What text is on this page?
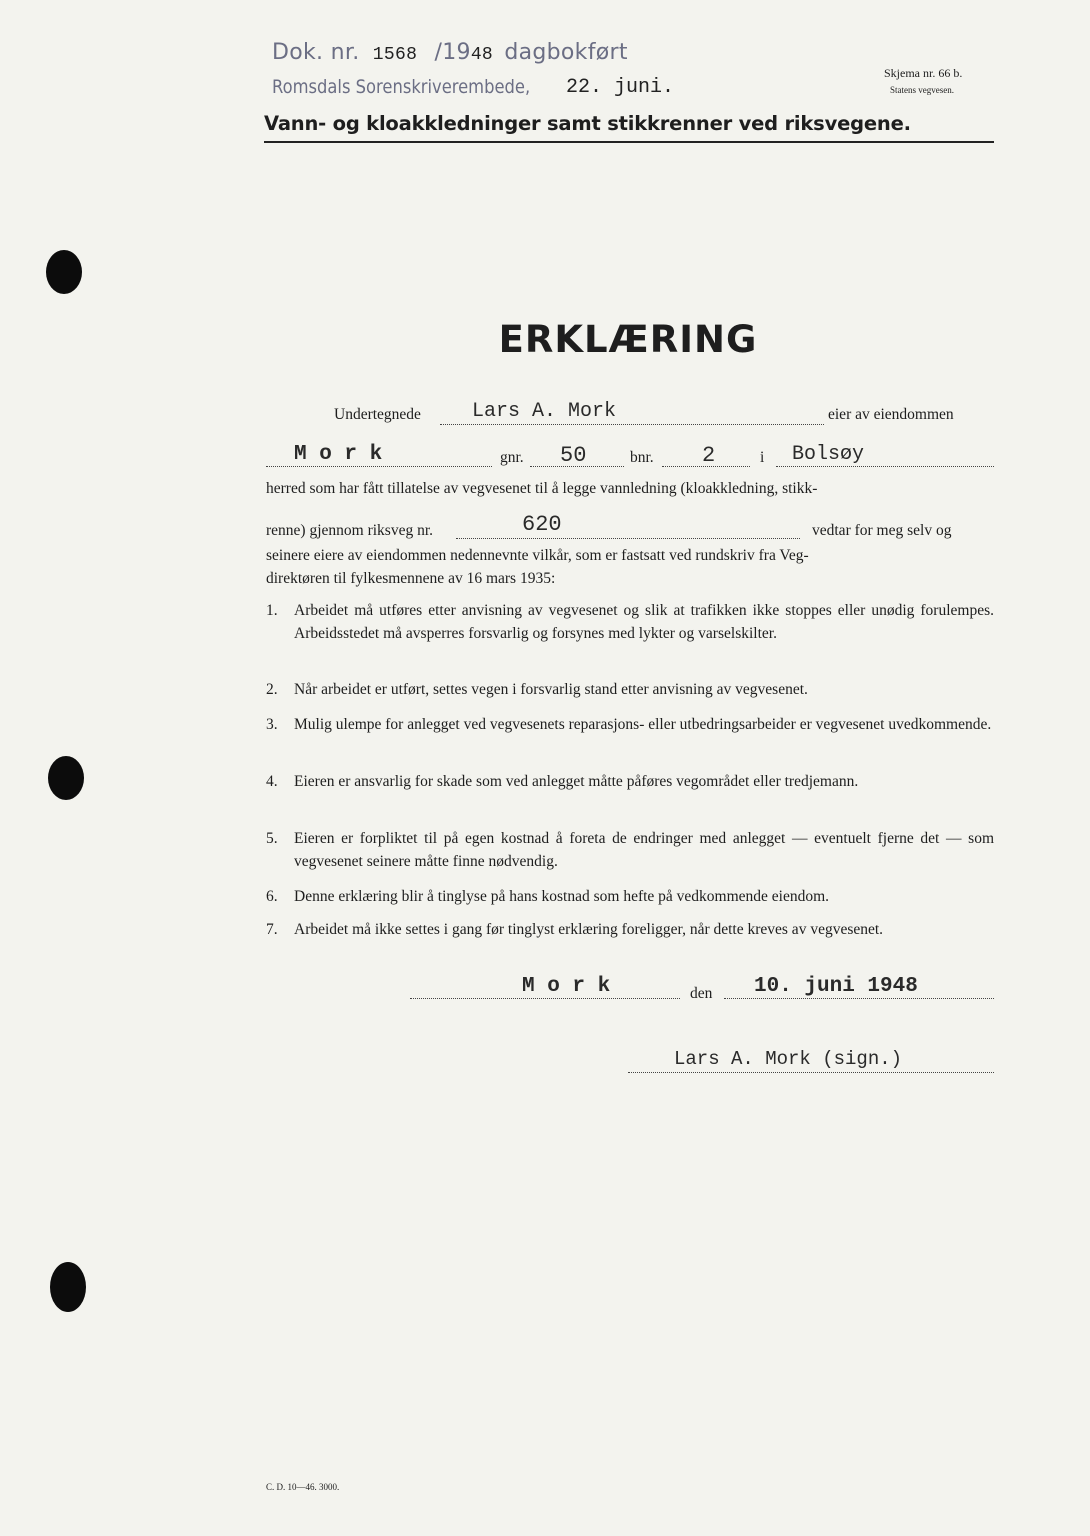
Dok. nr. 1568 /1948 dagbokført
Romsdals Sorenskriverembede, 22. juni.
Skjema nr. 66 b.
Statens vegvesen.
Vann- og kloakkledninger samt stikkrenner ved riksvegene.
ERKLÆRING
Undertegnede	Lars A. Mork	eier av eiendommen
M o r k	gnr. 50	bnr. 2	i Bolsøy
herred som har fått tillatelse av vegvesenet til å legge vannledning (kloakkledning, stikk-
renne) gjennom riksveg nr.	620	vedtar for meg selv og
seinere eiere av eiendommen nedennevnte vilkår, som er fastsatt ved rundskriv fra Veg-
direktøren til fylkesmennene av 16 mars 1935:
1.	Arbeidet må utføres etter anvisning av vegvesenet og slik at trafikken ikke stoppes eller unødig forulempes. Arbeidsstedet må avsperres forsvarlig og forsynes med lykter og varselskilter.
2.	Når arbeidet er utført, settes vegen i forsvarlig stand etter anvisning av vegvesenet.
3.	Mulig ulempe for anlegget ved vegvesenets reparasjons- eller utbedringsarbeider er vegvesenet uvedkommende.
4.	Eieren er ansvarlig for skade som ved anlegget måtte påføres vegområdet eller tredjemann.
5.	Eieren er forpliktet til på egen kostnad å foreta de endringer med anlegget — eventuelt fjerne det — som vegvesenet seinere måtte finne nødvendig.
6.	Denne erklæring blir å tinglyse på hans kostnad som hefte på vedkommende eiendom.
7.	Arbeidet må ikke settes i gang før tinglyst erklæring foreligger, når dette kreves av vegvesenet.
M o r k	den 10. juni 1948
Lars A. Mork (sign.)
C. D. 10—46. 3000.
